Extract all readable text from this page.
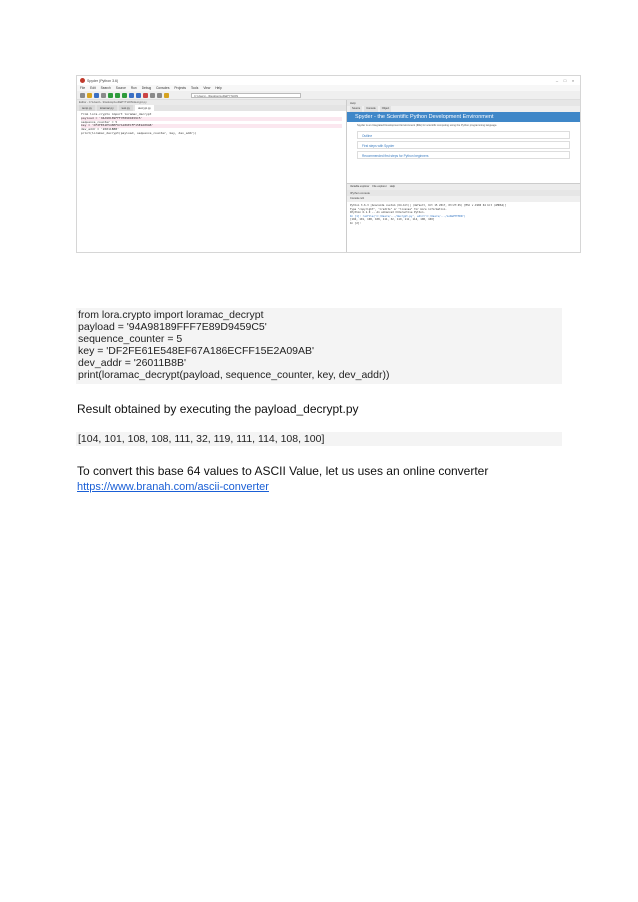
Spyder (Python 3.6)	–	□	×
File Edit Search Source Run Debug Consoles Projects Tools View Help
C:\Users\...\Desktop\LoRaPYTHON
Editor - C:\Users\...\Desktop\LoRaPYTHON\decrypt.py
temp.py	loramac.py	test.py	decrypt.py
from lora.crypto import loramac_decrypt
payload = '94A98189FFF7E89D9459C5'
sequence_counter = 5
key = 'DF2FE61E548EF67A186ECFF15E2A09AB'
dev_addr = '26011B8B'
print(loramac_decrypt(payload, sequence_counter, key, dev_addr))
Help
Source	Console	Object
Spyder - the Scientific Python Development Environment
Spyder is an Integrated Development Environment (IDE) for scientific computing using the Python programming language.
Outline
First steps with Spyder
Recommended first steps for Python beginners
Variable explorer File explorer Help
IPython console
Console 1/A
Python 3.6.3 |Anaconda custom (64-bit)| (default, Oct 15 2017, 03:27:45) [MSC v.1900 64 bit (AMD64)]
Type "copyright", "credits" or "license" for more information.
IPython 6.1.0 -- An enhanced Interactive Python.
In [1]: runfile('C:/Users/.../decrypt.py', wdir='C:/Users/.../LoRaPYTHON')
[104, 101, 108, 108, 111, 32, 119, 111, 114, 108, 100]
In [2]:
from lora.crypto import loramac_decrypt
payload = '94A98189FFF7E89D9459C5'
sequence_counter = 5
key = 'DF2FE61E548EF67A186ECFF15E2A09AB'
dev_addr = '26011B8B'
print(loramac_decrypt(payload, sequence_counter, key, dev_addr))
Result obtained by executing the payload_decrypt.py
[104, 101, 108, 108, 111, 32, 119, 111, 114, 108, 100]
To convert this base 64 values to ASCII Value, let us uses an online converter
https://www.branah.com/ascii-converter
